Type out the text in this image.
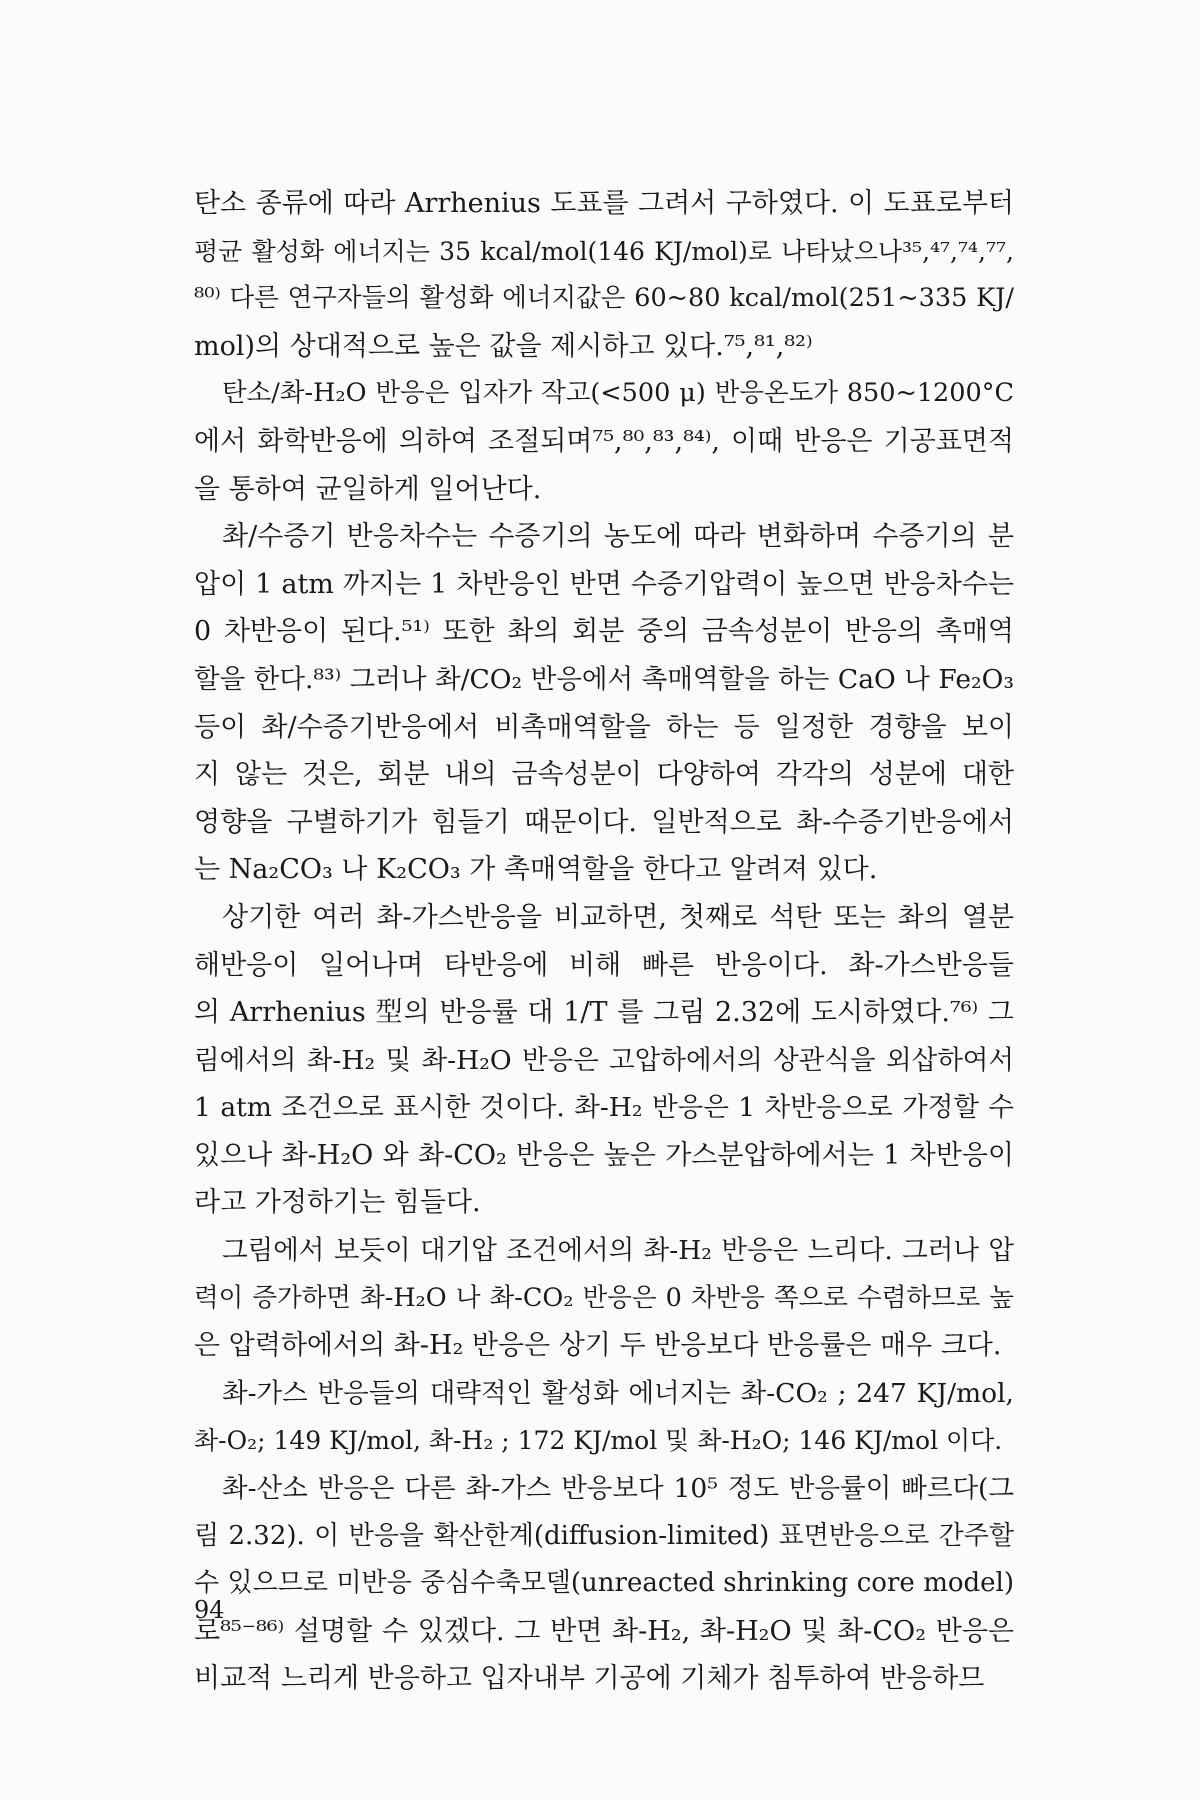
탄소 종류에 따라 Arrhenius 도표를 그려서 구하였다. 이 도표로부터
평균 활성화 에너지는 35 kcal/mol(146 KJ/mol)로 나타났으나³⁵,⁴⁷,⁷⁴,⁷⁷,
⁸⁰⁾ 다른 연구자들의 활성화 에너지값은 60~80 kcal/mol(251~335 KJ/
mol)의 상대적으로 높은 값을 제시하고 있다.⁷⁵,⁸¹,⁸²⁾
탄소/촤-H₂O 반응은 입자가 작고(<500 μ) 반응온도가 850~1200°C
에서 화학반응에 의하여 조절되며⁷⁵,⁸⁰,⁸³,⁸⁴⁾, 이때 반응은 기공표면적
을 통하여 균일하게 일어난다.
촤/수증기 반응차수는 수증기의 농도에 따라 변화하며 수증기의 분
압이 1 atm 까지는 1 차반응인 반면 수증기압력이 높으면 반응차수는
0 차반응이 된다.⁵¹⁾ 또한 촤의 회분 중의 금속성분이 반응의 촉매역
할을 한다.⁸³⁾ 그러나 촤/CO₂ 반응에서 촉매역할을 하는 CaO 나 Fe₂O₃
등이 촤/수증기반응에서 비촉매역할을 하는 등 일정한 경향을 보이
지 않는 것은, 회분 내의 금속성분이 다양하여 각각의 성분에 대한
영향을 구별하기가 힘들기 때문이다. 일반적으로 촤-수증기반응에서
는 Na₂CO₃ 나 K₂CO₃ 가 촉매역할을 한다고 알려져 있다.
상기한 여러 촤-가스반응을 비교하면, 첫째로 석탄 또는 촤의 열분
해반응이 일어나며 타반응에 비해 빠른 반응이다. 촤-가스반응들
의 Arrhenius 型의 반응률 대 1/T 를 그림 2.32에 도시하였다.⁷⁶⁾ 그
림에서의 촤-H₂ 및 촤-H₂O 반응은 고압하에서의 상관식을 외삽하여서
1 atm 조건으로 표시한 것이다. 촤-H₂ 반응은 1 차반응으로 가정할 수
있으나 촤-H₂O 와 촤-CO₂ 반응은 높은 가스분압하에서는 1 차반응이
라고 가정하기는 힘들다.
그림에서 보듯이 대기압 조건에서의 촤-H₂ 반응은 느리다. 그러나 압
력이 증가하면 촤-H₂O 나 촤-CO₂ 반응은 0 차반응 쪽으로 수렴하므로 높
은 압력하에서의 촤-H₂ 반응은 상기 두 반응보다 반응률은 매우 크다.
촤-가스 반응들의 대략적인 활성화 에너지는 촤-CO₂ ; 247 KJ/mol,
촤-O₂; 149 KJ/mol, 촤-H₂ ; 172 KJ/mol 및 촤-H₂O; 146 KJ/mol 이다.
촤-산소 반응은 다른 촤-가스 반응보다 10⁵ 정도 반응률이 빠르다(그
림 2.32). 이 반응을 확산한계(diffusion-limited) 표면반응으로 간주할
수 있으므로 미반응 중심수축모델(unreacted shrinking core model)
로⁸⁵⁻⁸⁶⁾ 설명할 수 있겠다. 그 반면 촤-H₂, 촤-H₂O 및 촤-CO₂ 반응은
비교적 느리게 반응하고 입자내부 기공에 기체가 침투하여 반응하므
94
